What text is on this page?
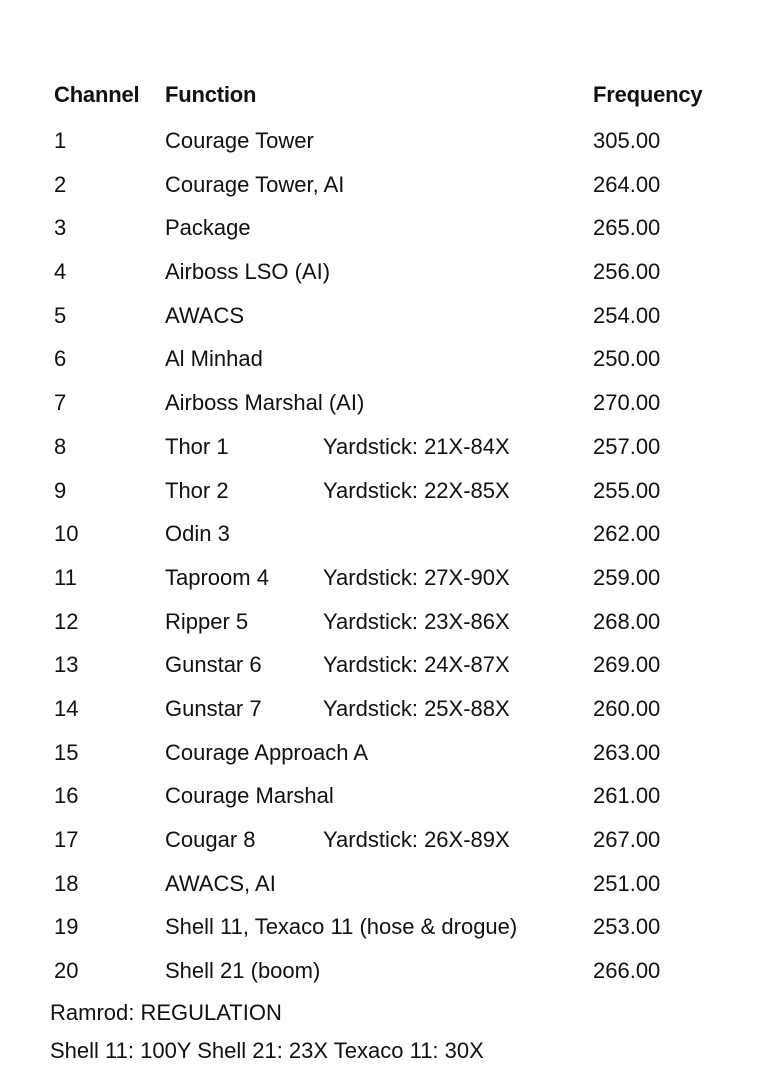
Channel Function	Frequency
1	Courage Tower	305.00
2	Courage Tower, AI	264.00
3	Package	265.00
4	Airboss LSO (AI)	256.00
5	AWACS	254.00
6	Al Minhad	250.00
7	Airboss Marshal (AI)	270.00
8	Thor 1	Yardstick: 21X-84X	257.00
9	Thor 2	Yardstick: 22X-85X	255.00
10	Odin 3	262.00
11	Taproom 4 Yardstick: 27X-90X	259.00
12	Ripper 5	Yardstick: 23X-86X	268.00
13	Gunstar 6	Yardstick: 24X-87X	269.00
14	Gunstar 7	Yardstick: 25X-88X	260.00
15	Courage Approach A	263.00
16	Courage Marshal	261.00
17	Cougar 8	Yardstick: 26X-89X	267.00
18	AWACS, AI	251.00
19	Shell 11, Texaco 11 (hose & drogue)	253.00
20	Shell 21 (boom)	266.00
Ramrod: REGULATION
Shell 11: 100Y Shell 21: 23X Texaco 11: 30X
